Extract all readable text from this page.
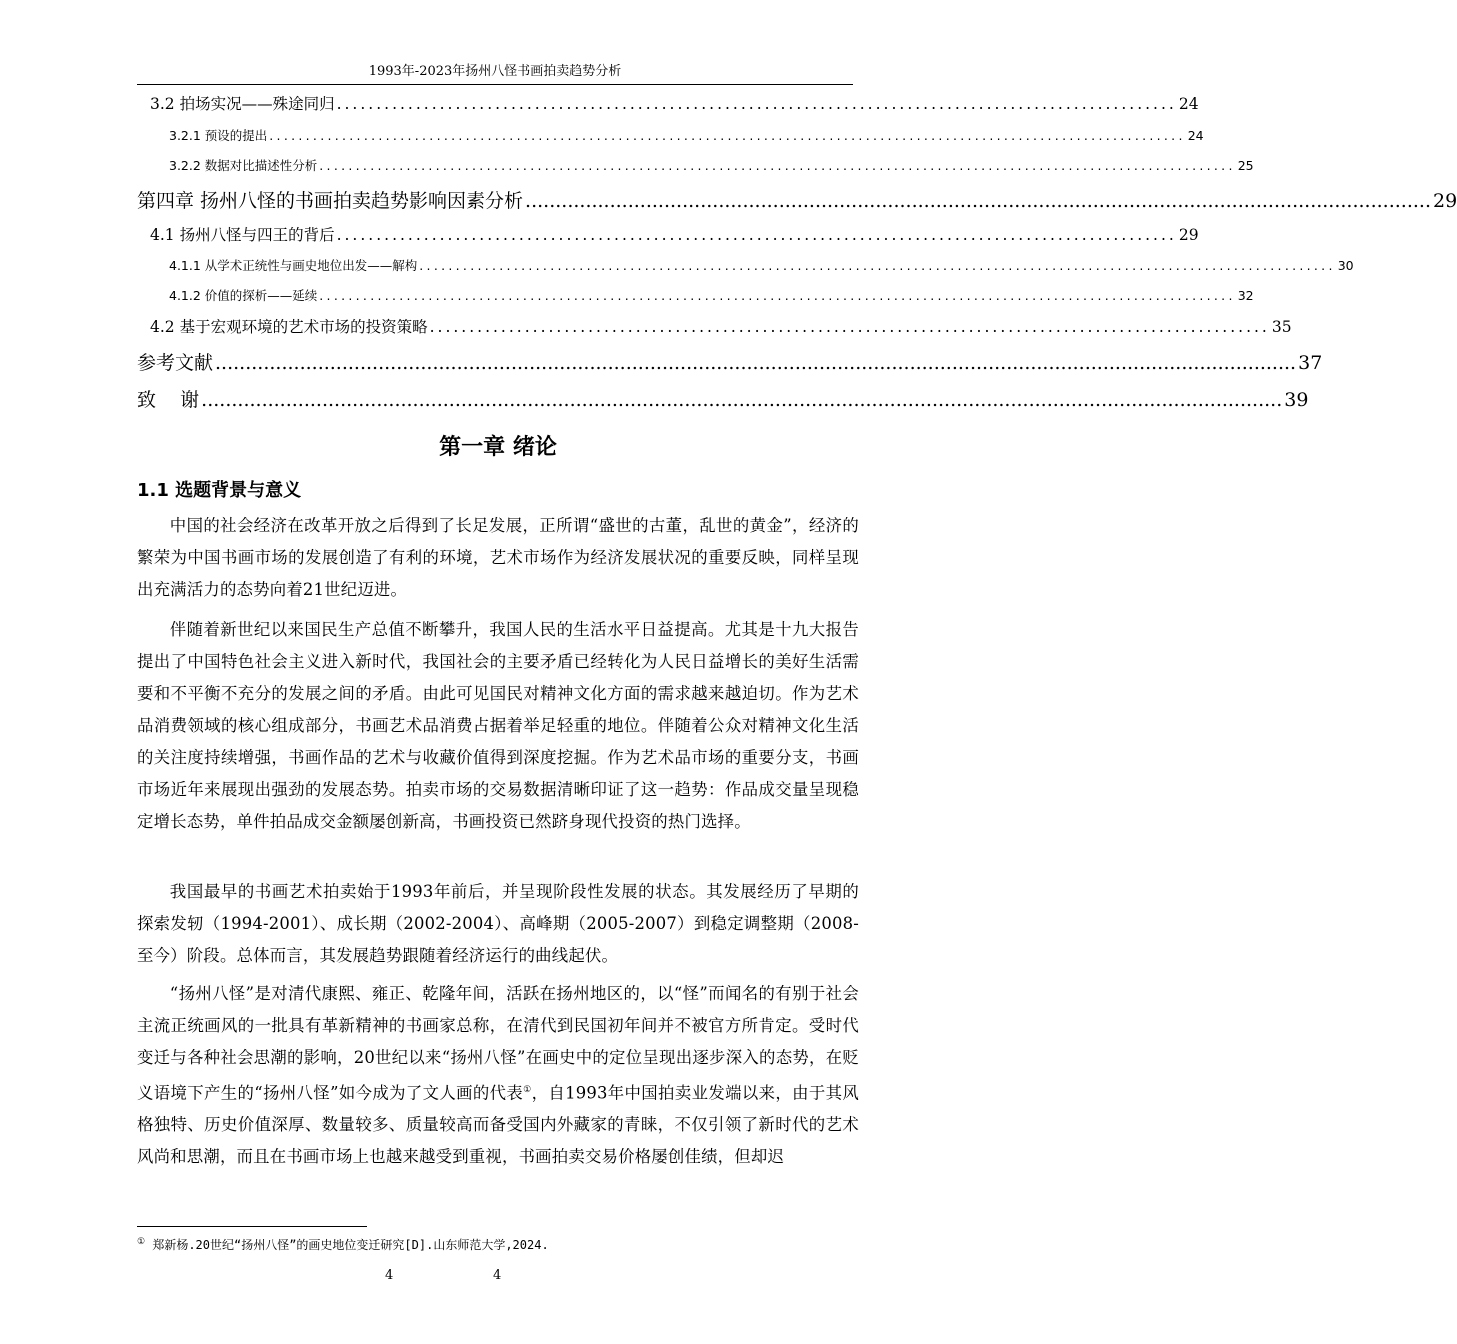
1993年-2023年扬州八怪书画拍卖趋势分析
3.2 拍场实况——殊途同归 .......................................................................................................... 24
3.2.1 预设的提出 .............................................................................................................................. 24
3.2.2 数据对比描述性分析 .............................................................................................................................. 25
第四章 扬州八怪的书画拍卖趋势影响因素分析 ...................................................................................................................................................... 29
4.1 扬州八怪与四王的背后 .......................................................................................................... 29
4.1.1 从学术正统性与画史地位出发——解构 .............................................................................................................................. 30
4.1.2 价值的探析——延续 .............................................................................................................................. 32
4.2 基于宏观环境的艺术市场的投资策略 .......................................................................................................... 35
参考文献 ................................................................................................................................................................................... 37
致    谢 ................................................................................................................................................................................... 39
第一章 绪论
1.1 选题背景与意义
中国的社会经济在改革开放之后得到了长足发展，正所谓“盛世的古董，乱世的黄金”，经济的繁荣为中国书画市场的发展创造了有利的环境，艺术市场作为经济发展状况的重要反映，同样呈现出充满活力的态势向着21世纪迈进。
伴随着新世纪以来国民生产总值不断攀升，我国人民的生活水平日益提高。尤其是十九大报告提出了中国特色社会主义进入新时代，我国社会的主要矛盾已经转化为人民日益增长的美好生活需要和不平衡不充分的发展之间的矛盾。由此可见国民对精神文化方面的需求越来越迫切。作为艺术品消费领域的核心组成部分，书画艺术品消费占据着举足轻重的地位。伴随着公众对精神文化生活的关注度持续增强，书画作品的艺术与收藏价值得到深度挖掘。作为艺术品市场的重要分支，书画市场近年来展现出强劲的发展态势。拍卖市场的交易数据清晰印证了这一趋势：作品成交量呈现稳定增长态势，单件拍品成交金额屡创新高，书画投资已然跻身现代投资的热门选择。
我国最早的书画艺术拍卖始于1993年前后，并呈现阶段性发展的状态。其发展经历了早期的探索发轫（1994-2001）、成长期（2002-2004）、高峰期（2005-2007）到稳定调整期（2008-至今）阶段。总体而言，其发展趋势跟随着经济运行的曲线起伏。
“扬州八怪”是对清代康熙、雍正、乾隆年间，活跃在扬州地区的，以“怪”而闻名的有别于社会主流正统画风的一批具有革新精神的书画家总称，在清代到民国初年间并不被官方所肯定。受时代变迁与各种社会思潮的影响，20世纪以来“扬州八怪”在画史中的定位呈现出逐步深入的态势，在贬义语境下产生的“扬州八怪”如今成为了文人画的代表①，自1993年中国拍卖业发端以来，由于其风格独特、历史价值深厚、数量较多、质量较高而备受国内外藏家的青睐，不仅引领了新时代的艺术风尚和思潮，而且在书画市场上也越来越受到重视，书画拍卖交易价格屡创佳绩，但却迟
① 郑新杨.20世纪“扬州八怪”的画史地位变迁研究[D].山东师范大学,2024.
4	4
